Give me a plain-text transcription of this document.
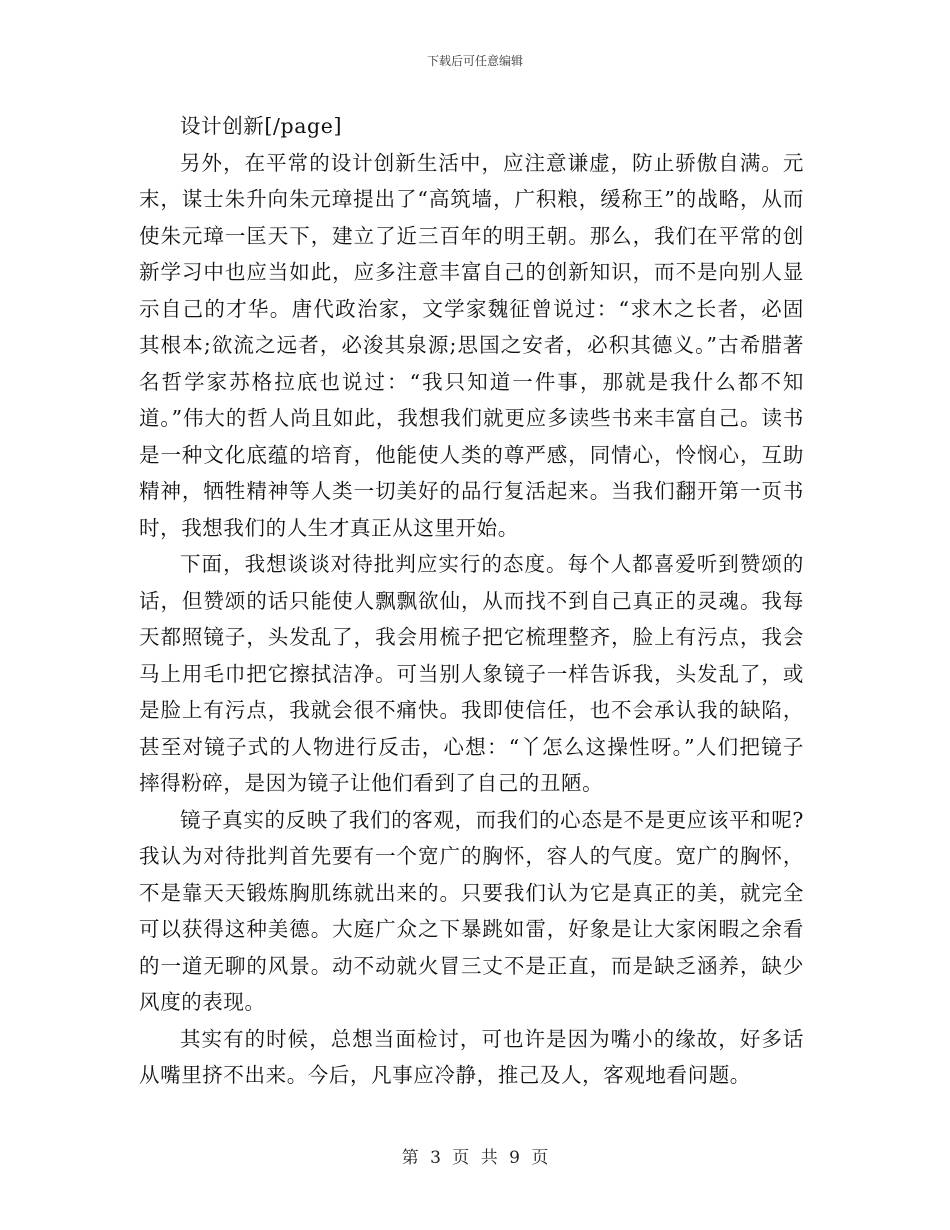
下载后可任意编辑

设计创新[/page]

另外，在平常的设计创新生活中，应注意谦虚，防止骄傲自满。元末，谋士朱升向朱元璋提出了“高筑墙，广积粮，缓称王”的战略，从而使朱元璋一匡天下，建立了近三百年的明王朝。那么，我们在平常的创新学习中也应当如此，应多注意丰富自己的创新知识，而不是向别人显示自己的才华。唐代政治家，文学家魏征曾说过：“求木之长者，必固其根本;欲流之远者，必浚其泉源;思国之安者，必积其德义。”古希腊著名哲学家苏格拉底也说过：“我只知道一件事，那就是我什么都不知道。”伟大的哲人尚且如此，我想我们就更应多读些书来丰富自己。读书是一种文化底蕴的培育，他能使人类的尊严感，同情心，怜悯心，互助精神，牺牲精神等人类一切美好的品行复活起来。当我们翻开第一页书时，我想我们的人生才真正从这里开始。

下面，我想谈谈对待批判应实行的态度。每个人都喜爱听到赞颂的话，但赞颂的话只能使人飘飘欲仙，从而找不到自己真正的灵魂。我每天都照镜子，头发乱了，我会用梳子把它梳理整齐，脸上有污点，我会马上用毛巾把它擦拭洁净。可当别人象镜子一样告诉我，头发乱了，或是脸上有污点，我就会很不痛快。我即使信任，也不会承认我的缺陷，甚至对镜子式的人物进行反击，心想：“丫怎么这操性呀。”人们把镜子摔得粉碎，是因为镜子让他们看到了自己的丑陋。

镜子真实的反映了我们的客观，而我们的心态是不是更应该平和呢?我认为对待批判首先要有一个宽广的胸怀，容人的气度。宽广的胸怀，不是靠天天锻炼胸肌练就出来的。只要我们认为它是真正的美，就完全可以获得这种美德。大庭广众之下暴跳如雷，好象是让大家闲暇之余看的一道无聊的风景。动不动就火冒三丈不是正直，而是缺乏涵养，缺少风度的表现。

其实有的时候，总想当面检讨，可也许是因为嘴小的缘故，好多话从嘴里挤不出来。今后，凡事应冷静，推己及人，客观地看问题。

第 3 页 共 9 页
